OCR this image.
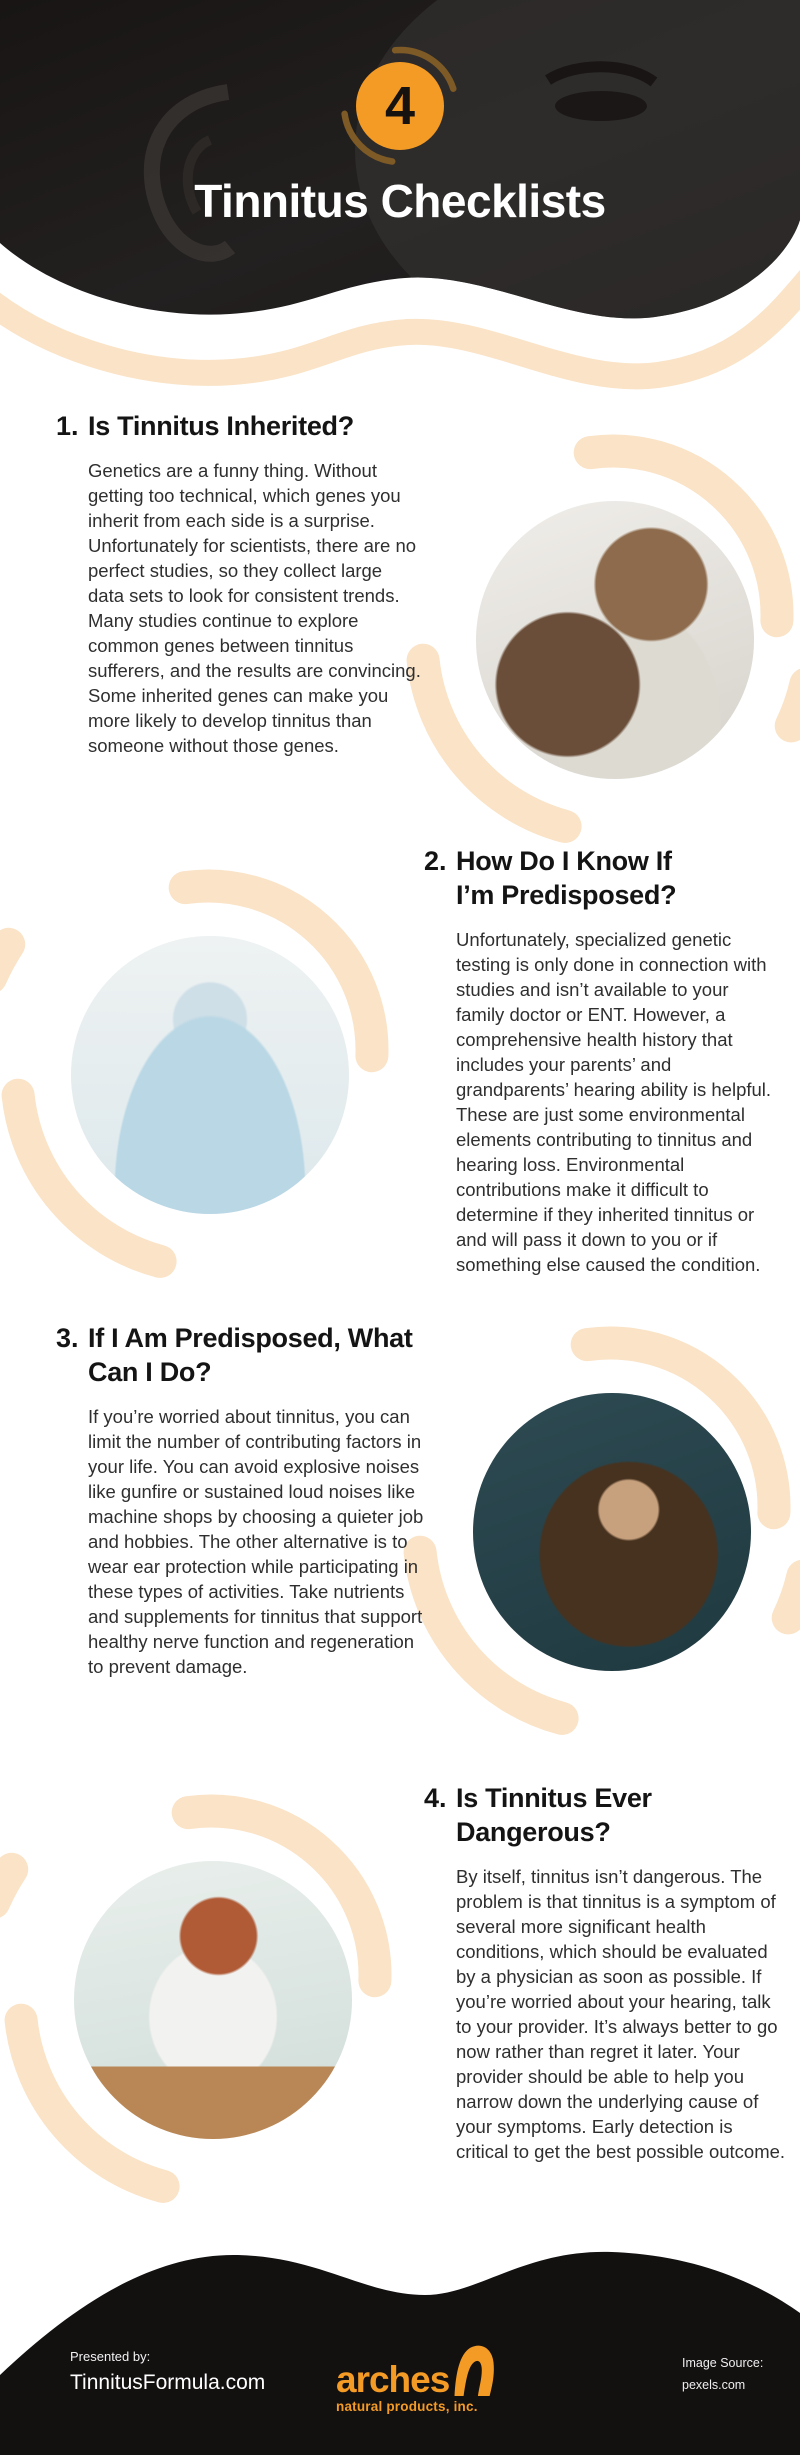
4
Tinnitus Checklists
1. Is Tinnitus Inherited?
Genetics are a funny thing. Without getting too technical, which genes you inherit from each side is a surprise. Unfortunately for scientists, there are no perfect studies, so they collect large data sets to look for consistent trends. Many studies continue to explore common genes between tinnitus sufferers, and the results are convincing. Some inherited genes can make you more likely to develop tinnitus than someone without those genes.
2. How Do I Know If I’m Predisposed?
Unfortunately, specialized genetic testing is only done in connection with studies and isn’t available to your family doctor or ENT. However, a comprehensive health history that includes your parents’ and grandparents’ hearing ability is helpful. These are just some environmental elements contributing to tinnitus and hearing loss. Environmental contributions make it difficult to determine if they inherited tinnitus or and will pass it down to you or if something else caused the condition.
3. If I Am Predisposed, What Can I Do?
If you’re worried about tinnitus, you can limit the number of contributing factors in your life. You can avoid explosive noises like gunfire or sustained loud noises like machine shops by choosing a quieter job and hobbies. The other alternative is to wear ear protection while participating in these types of activities. Take nutrients and supplements for tinnitus that support healthy nerve function and regeneration to prevent damage.
4. Is Tinnitus Ever Dangerous?
By itself, tinnitus isn’t dangerous. The problem is that tinnitus is a symptom of several more significant health conditions, which should be evaluated by a physician as soon as possible. If you’re worried about your hearing, talk to your provider. It’s always better to go now rather than regret it later. Your provider should be able to help you narrow down the underlying cause of your symptoms. Early detection is critical to get the best possible outcome.
Presented by:
TinnitusFormula.com arches
natural products, inc.
Image Source:
pexels.com
